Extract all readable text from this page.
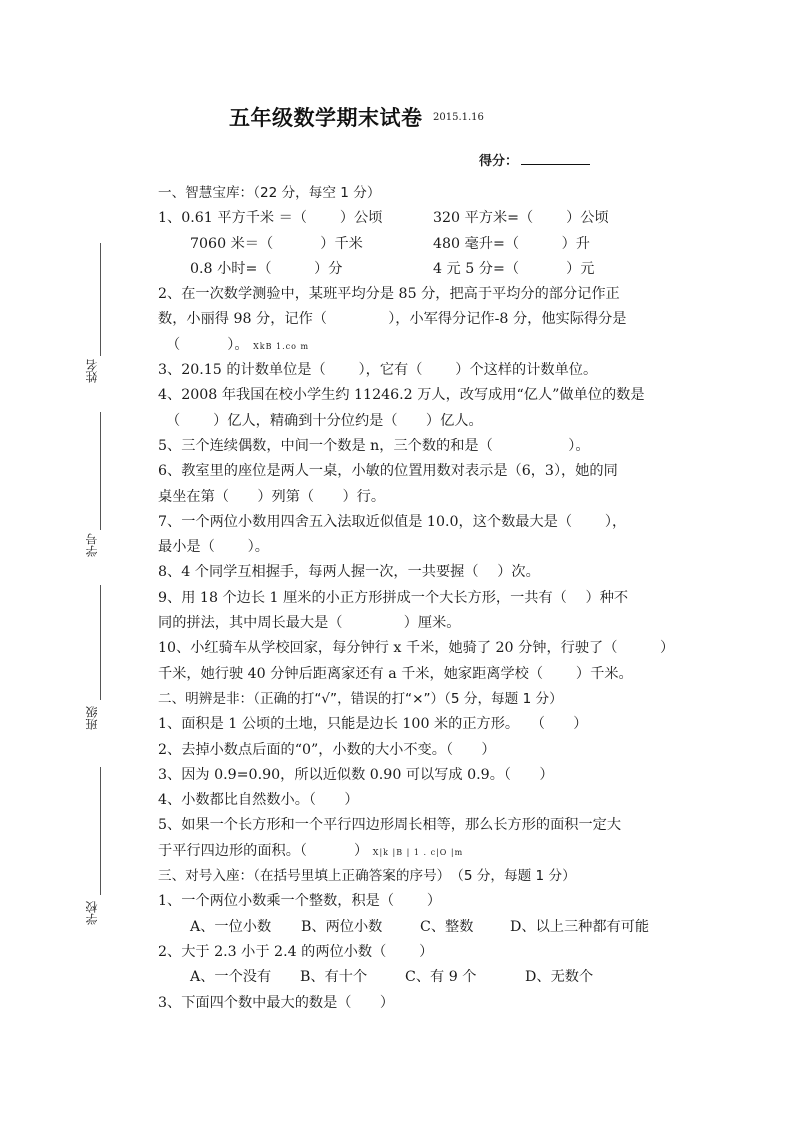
五年级数学期末试卷 2015.1.16
得分：
姓名
学号
班级
学校
一、智慧宝库：（22 分，每空 1 分）
1、0.61 平方千米 ＝（　　 ）公顷	320 平方米=（　　 ）公顷
7060 米＝（　　　 ）千米	480 毫升=（　　　）升
0.8 小时=（　　　）分	4 元 5 分=（　　　 ）元
2、在一次数学测验中，某班平均分是 85 分，把高于平均分的部分记作正
数，小丽得 98 分，记作（　　　　 ），小军得分记作-8 分，他实际得分是
（　　　 ）。 XkB 1.co m
3、20.15 的计数单位是（　　 ），它有（　　 ）个这样的计数单位。
4、2008 年我国在校小学生约 11246.2 万人，改写成用“亿人”做单位的数是
（　　 ）亿人，精确到十分位约是（　　）亿人。
5、三个连续偶数，中间一个数是 n，三个数的和是（　　　　　 ）。
6、教室里的座位是两人一桌，小敏的位置用数对表示是（6，3），她的同
桌坐在第（　　）列第（　　）行。
7、一个两位小数用四舍五入法取近似值是 10.0，这个数最大是（　　 ），
最小是（　　 ）。
8、4 个同学互相握手，每两人握一次，一共要握（　 ）次。
9、用 18 个边长 1 厘米的小正方形拼成一个大长方形，一共有（　 ）种不
同的拼法，其中周长最大是（　　　　 ）厘米。
10、小红骑车从学校回家，每分钟行 x 千米，她骑了 20 分钟，行驶了（　　　）
千米，她行驶 40 分钟后距离家还有 a 千米，她家距离学校（　　 ）千米。
二、明辨是非：（正确的打“√”，错误的打“×”）（5 分，每题 1 分）
1、面积是 1 公顷的土地，只能是边长 100 米的正方形。　 （　　）
2、去掉小数点后面的“0”，小数的大小不变。（　　）
3、因为 0.9=0.90，所以近似数 0.90 可以写成 0.9。（　　）
4、小数都比自然数小。（　　）
5、如果一个长方形和一个平行四边形周长相等，那么长方形的面积一定大
于平行四边形的面积。（　　　 ） X|k |B | 1 . c|O |m
三、对号入座：（在括号里填上正确答案的序号）　（5 分，每题 1 分）
1、一个两位小数乘一个整数，积是（　　 ）
A、一位小数 B、两位小数	C、整数	D、以上三种都有可能
2、大于 2.3 小于 2.4 的两位小数（　　 ）
A、一个没有 B、有十个	C、有 9 个	D、无数个
3、下面四个数中最大的数是（　　）
